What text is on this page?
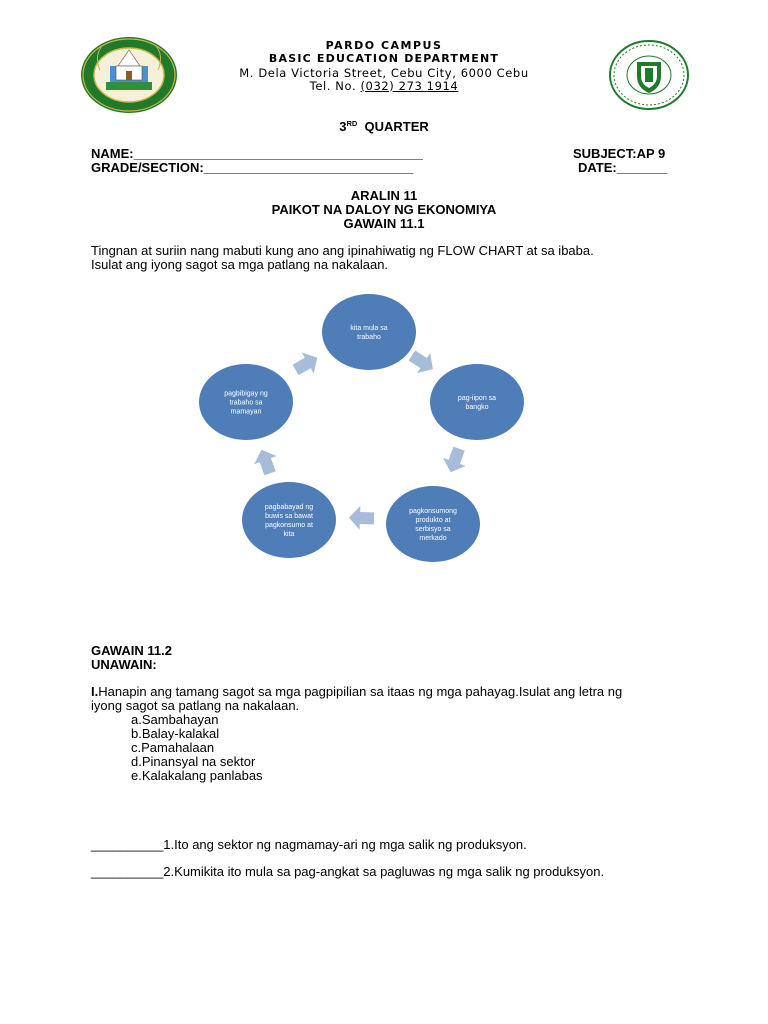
PARDO CAMPUS
BASIC EDUCATION DEPARTMENT
M. Dela Victoria Street, Cebu City, 6000 Cebu
Tel. No. (032) 273 1914
3RD QUARTER
NAME:________________________________________
GRADE/SECTION:_____________________________
SUBJECT:AP 9
DATE:_______
ARALIN 11
PAIKOT NA DALOY NG EKONOMIYA
GAWAIN 11.1
Tingnan at suriin nang mabuti kung ano ang ipinahiwatig ng FLOW CHART at sa ibaba.
Isulat ang iyong sagot sa mga patlang na nakalaan.
kita mula sa
trabaho
pag-iipon sa
bangko
pagkonsumong
produkto at
serbisyo sa
merkado
pagbabayad ng
buwis sa bawat
pagkonsumo at
kita
pagbibigay ng
trabaho sa
mamayan
GAWAIN 11.2
UNAWAIN:
I.Hanapin ang tamang sagot sa mga pagpipilian sa itaas ng mga pahayag.Isulat ang letra ng
iyong sagot sa patlang na nakalaan.
a.Sambahayan
b.Balay-kalakal
c.Pamahalaan
d.Pinansyal na sektor
e.Kalakalang panlabas
__________1.Ito ang sektor ng nagmamay-ari ng mga salik ng produksyon.
__________2.Kumikita ito mula sa pag-angkat sa pagluwas ng mga salik ng produksyon.
